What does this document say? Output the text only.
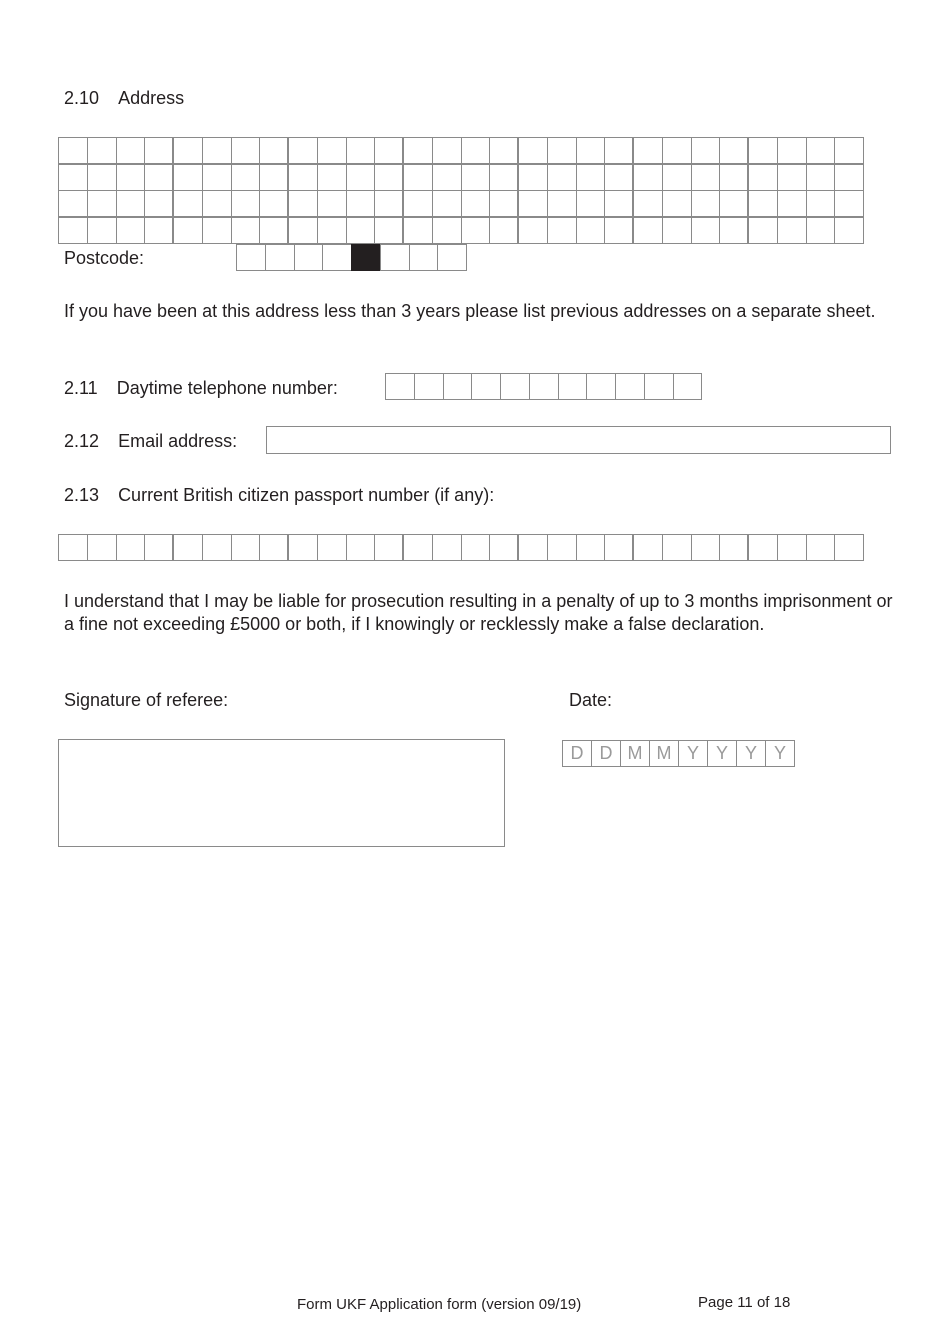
2.10 Address
Postcode:
If you have been at this address less than 3 years please list previous addresses on a separate sheet.
2.11 Daytime telephone number:
2.12 Email address:
2.13 Current British citizen passport number (if any):
I understand that I may be liable for prosecution resulting in a penalty of up to 3 months imprisonment or a fine not exceeding £5000 or both, if I knowingly or recklessly make a false declaration.
Signature of referee:	Date:
D D M M Y Y Y Y
Form UKF Application form (version 09/19)	Page 11 of 18
